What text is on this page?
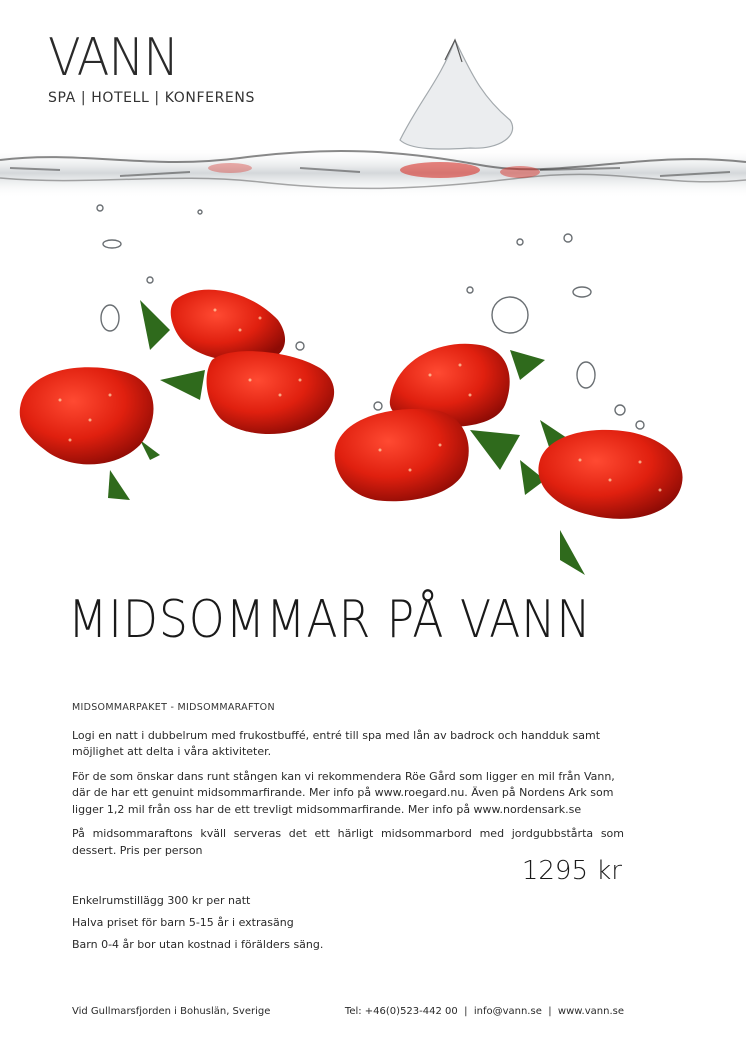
VANN
SPA | HOTELL | KONFERENS
MIDSOMMAR PÅ VANN
MIDSOMMARPAKET - MIDSOMMARAFTON

Logi en natt i dubbelrum med frukostbuffé, entré till spa med lån av badrock och handduk samt möjlighet att delta i våra aktiviteter.

För de som önskar dans runt stången kan vi rekommendera Röe Gård som ligger en mil från Vann, där de har ett genuint midsommarfirande. Mer info på www.roegard.nu. Även på Nordens Ark som ligger 1,2 mil från oss har de ett trevligt midsommarfirande. Mer info på www.nordensark.se

På midsommaraftons kväll serveras det ett härligt midsommarbord med jordgubbstårta som dessert. Pris per person

1295 kr
Enkelrumstillägg 300 kr per natt
Halva priset för barn 5-15 år i extrasäng
Barn 0-4 år bor utan kostnad i förälders säng.
Vid Gullmarsfjorden i Bohuslän, Sverige	Tel: +46(0)523-442 00  |  info@vann.se  |  www.vann.se
